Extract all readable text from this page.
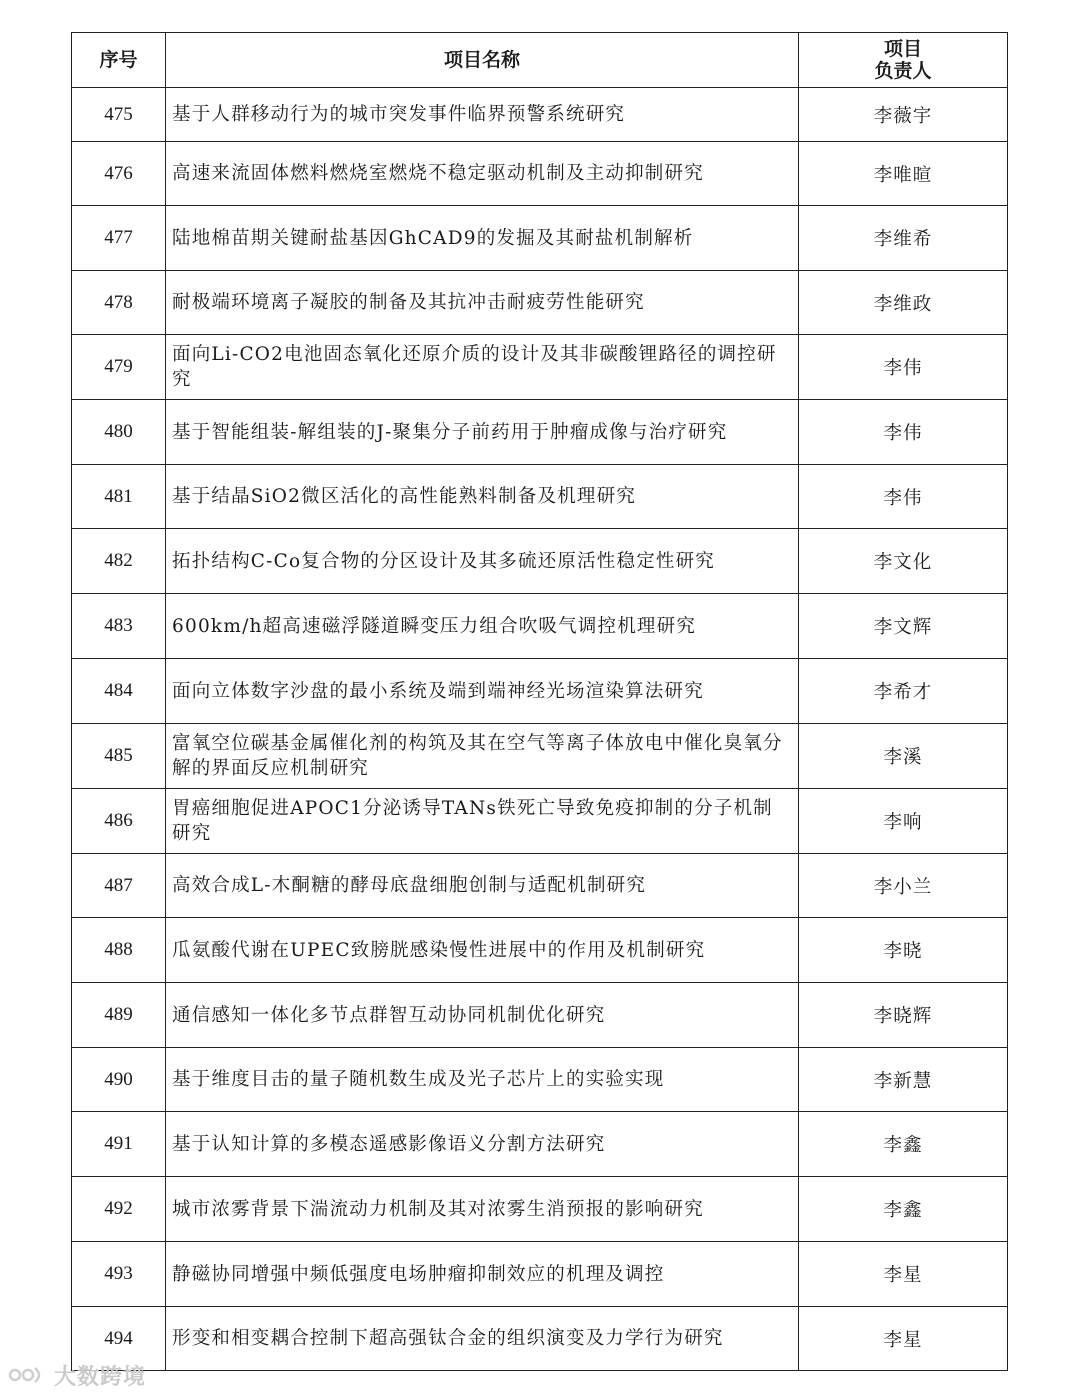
序号	项目名称	项目
负责人

475	基于人群移动行为的城市突发事件临界预警系统研究	李薇宇
476	高速来流固体燃料燃烧室燃烧不稳定驱动机制及主动抑制研究	李唯暄
477	陆地棉苗期关键耐盐基因GhCAD9的发掘及其耐盐机制解析	李维希
478	耐极端环境离子凝胶的制备及其抗冲击耐疲劳性能研究	李维政
479	面向Li-CO2电池固态氧化还原介质的设计及其非碳酸锂路径的调控研究	李伟
480	基于智能组装-解组装的J-聚集分子前药用于肿瘤成像与治疗研究	李伟
481	基于结晶SiO2微区活化的高性能熟料制备及机理研究	李伟
482	拓扑结构C-Co复合物的分区设计及其多硫还原活性稳定性研究	李文化
483	600km/h超高速磁浮隧道瞬变压力组合吹吸气调控机理研究	李文辉
484	面向立体数字沙盘的最小系统及端到端神经光场渲染算法研究	李希才
485	富氧空位碳基金属催化剂的构筑及其在空气等离子体放电中催化臭氧分解的界面反应机制研究	李溪
486	胃癌细胞促进APOC1分泌诱导TANs铁死亡导致免疫抑制的分子机制研究	李响
487	高效合成L-木酮糖的酵母底盘细胞创制与适配机制研究	李小兰
488	瓜氨酸代谢在UPEC致膀胱感染慢性进展中的作用及机制研究	李晓
489	通信感知一体化多节点群智互动协同机制优化研究	李晓辉
490	基于维度目击的量子随机数生成及光子芯片上的实验实现	李新慧
491	基于认知计算的多模态遥感影像语义分割方法研究	李鑫
492	城市浓雾背景下湍流动力机制及其对浓雾生消预报的影响研究	李鑫
493	静磁协同增强中频低强度电场肿瘤抑制效应的机理及调控	李星
494	形变和相变耦合控制下超高强钛合金的组织演变及力学行为研究	李星
大数跨境
